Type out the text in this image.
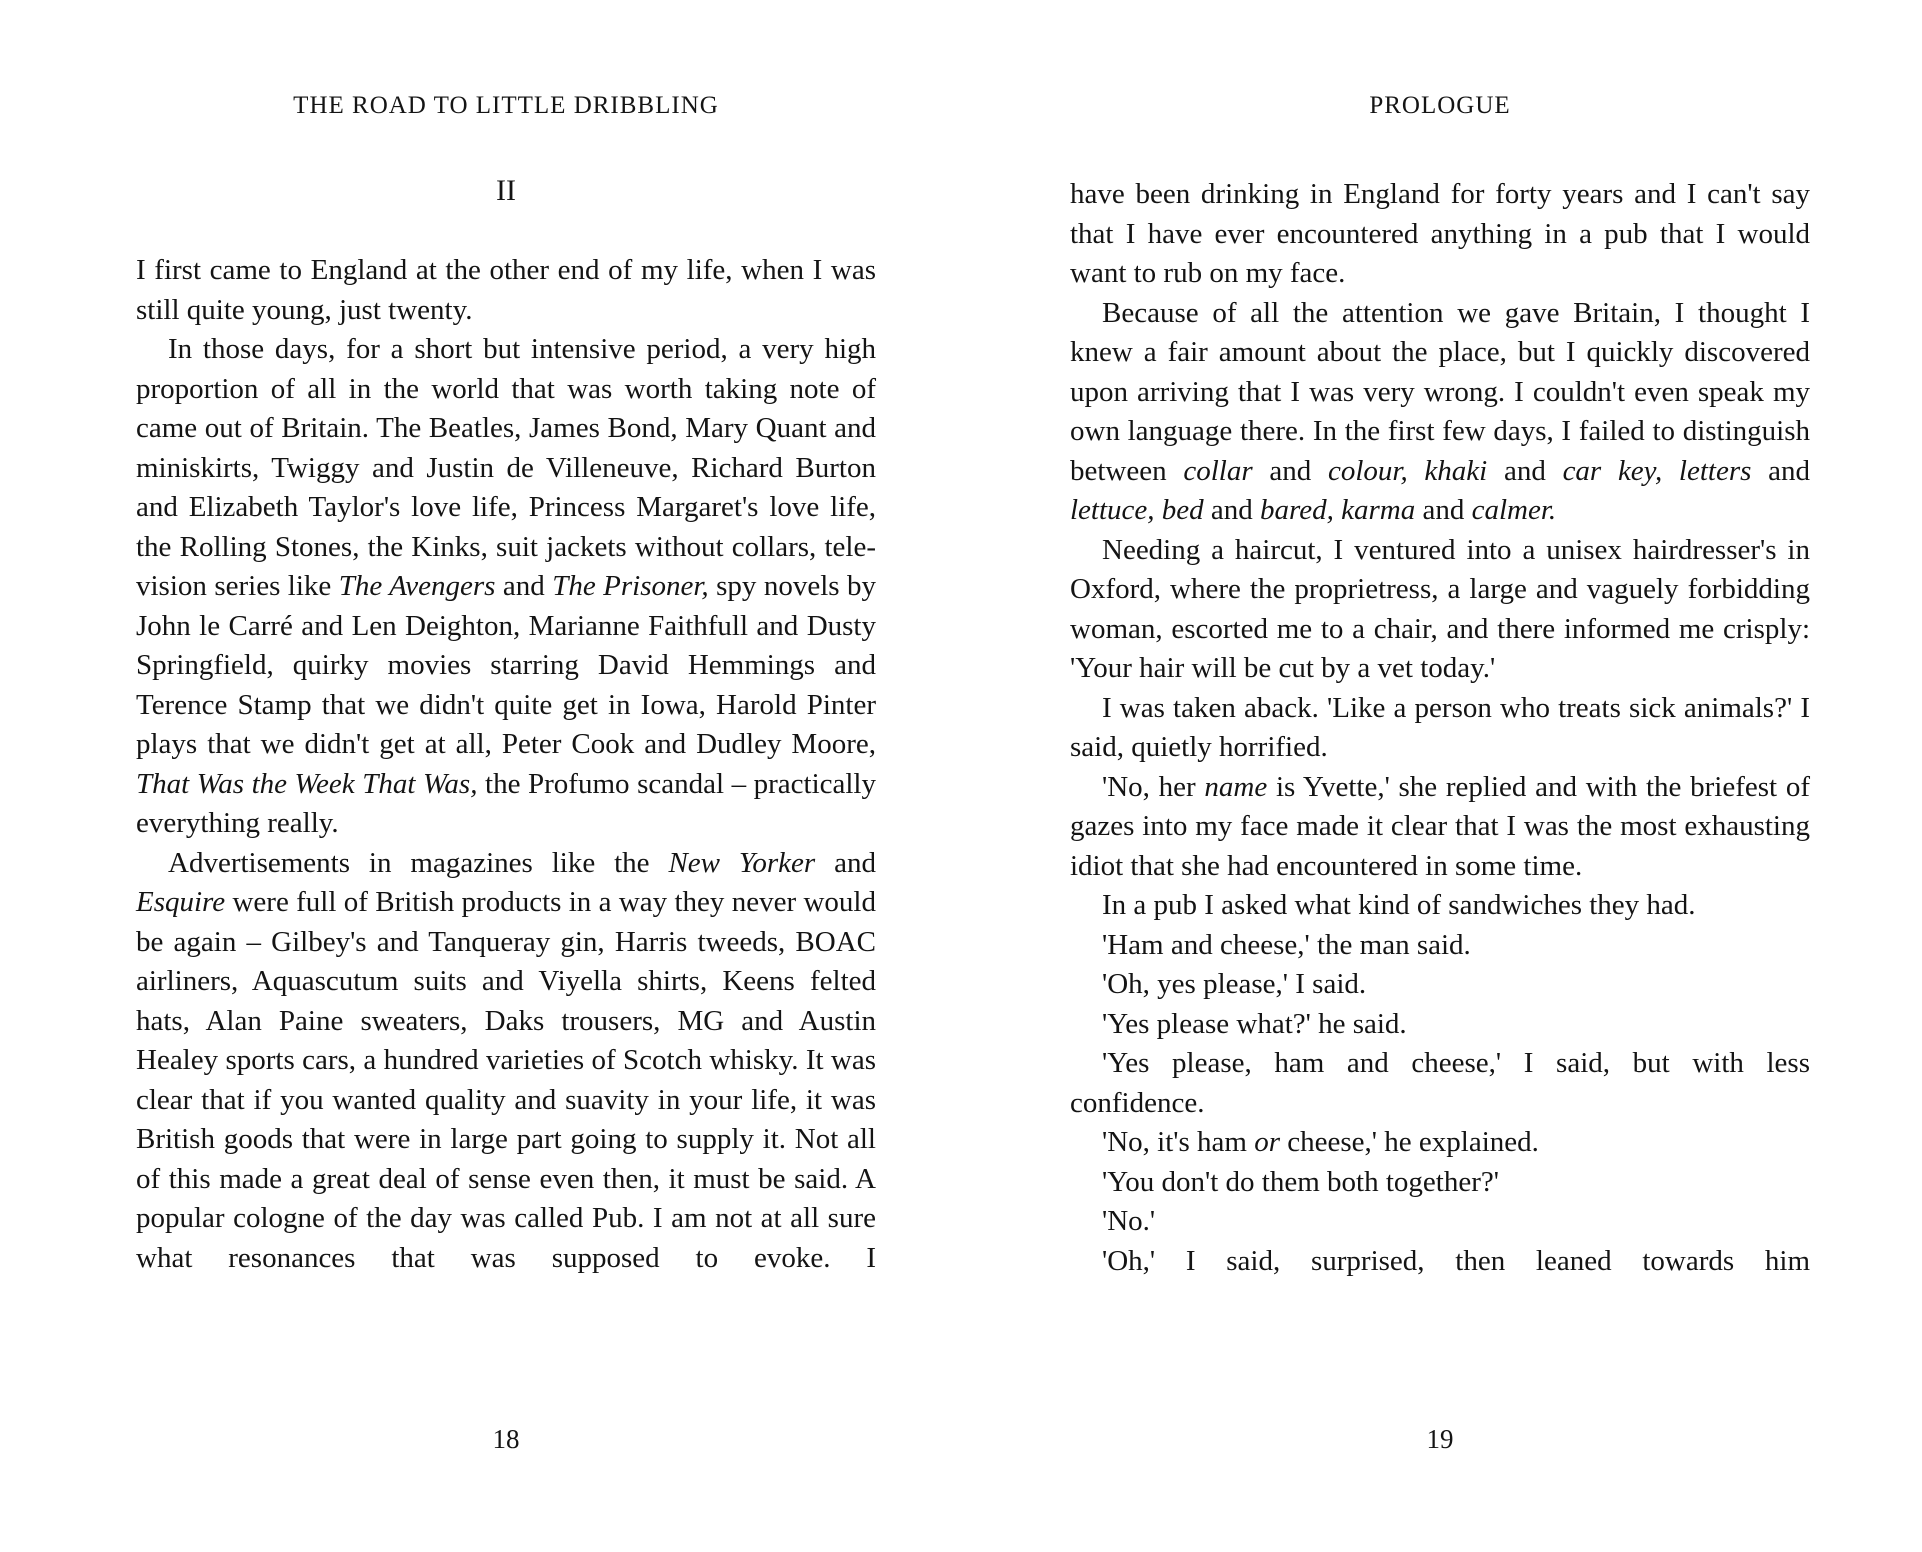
THE ROAD TO LITTLE DRIBBLING
II

I first came to England at the other end of my life, when I was still quite young, just twenty.

In those days, for a short but intensive period, a very high proportion of all in the world that was worth taking note of came out of Britain. The Beatles, James Bond, Mary Quant and miniskirts, Twiggy and Justin de Villeneuve, Richard Burton and Elizabeth Taylor's love life, Princess Margaret's love life, the Rolling Stones, the Kinks, suit jackets without collars, television series like The Avengers and The Prisoner, spy novels by John le Carré and Len Deighton, Marianne Faithfull and Dusty Springfield, quirky movies starring David Hemmings and Terence Stamp that we didn't quite get in Iowa, Harold Pinter plays that we didn't get at all, Peter Cook and Dudley Moore, That Was the Week That Was, the Profumo scandal – practically everything really.

Advertisements in magazines like the New Yorker and Esquire were full of British products in a way they never would be again – Gilbey's and Tanqueray gin, Harris tweeds, BOAC airliners, Aquascutum suits and Viyella shirts, Keens felted hats, Alan Paine sweaters, Daks trousers, MG and Austin Healey sports cars, a hundred varieties of Scotch whisky. It was clear that if you wanted quality and suavity in your life, it was British goods that were in large part going to supply it. Not all of this made a great deal of sense even then, it must be said. A popular cologne of the day was called Pub. I am not at all sure what resonances that was supposed to evoke. I

18
PROLOGUE

have been drinking in England for forty years and I can't say that I have ever encountered anything in a pub that I would want to rub on my face.

Because of all the attention we gave Britain, I thought I knew a fair amount about the place, but I quickly discovered upon arriving that I was very wrong. I couldn't even speak my own language there. In the first few days, I failed to distinguish between collar and colour, khaki and car key, letters and lettuce, bed and bared, karma and calmer.

Needing a haircut, I ventured into a unisex hairdresser's in Oxford, where the proprietress, a large and vaguely forbidding woman, escorted me to a chair, and there informed me crisply: 'Your hair will be cut by a vet today.'

I was taken aback. 'Like a person who treats sick animals?' I said, quietly horrified.

'No, her name is Yvette,' she replied and with the briefest of gazes into my face made it clear that I was the most exhausting idiot that she had encountered in some time.

In a pub I asked what kind of sandwiches they had.

'Ham and cheese,' the man said.

'Oh, yes please,' I said.

'Yes please what?' he said.

'Yes please, ham and cheese,' I said, but with less confidence.

'No, it's ham or cheese,' he explained.

'You don't do them both together?'

'No.'

'Oh,' I said, surprised, then leaned towards him

19
